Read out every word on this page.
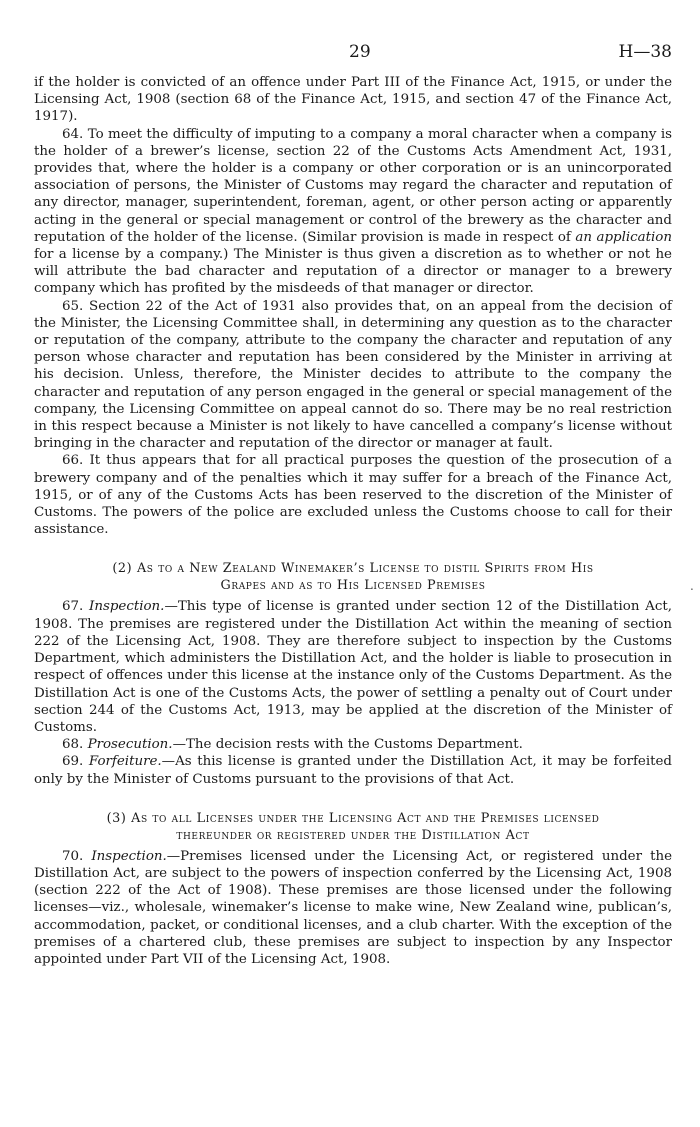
29	H—38

if the holder is convicted of an offence under Part III of the Finance Act, 1915, or under the Licensing Act, 1908 (section 68 of the Finance Act, 1915, and section 47 of the Finance Act, 1917).

64. To meet the difficulty of imputing to a company a moral character when a company is the holder of a brewer’s license, section 22 of the Customs Acts Amendment Act, 1931, provides that, where the holder is a company or other corporation or is an unincorporated association of persons, the Minister of Customs may regard the character and reputation of any director, manager, superintendent, foreman, agent, or other person acting or apparently acting in the general or special management or control of the brewery as the character and reputation of the holder of the license. (Similar provision is made in respect of an application for a license by a company.) The Minister is thus given a discretion as to whether or not he will attribute the bad character and reputation of a director or manager to a brewery company which has profited by the misdeeds of that manager or director.

65. Section 22 of the Act of 1931 also provides that, on an appeal from the decision of the Minister, the Licensing Committee shall, in determining any question as to the character or reputation of the company, attribute to the company the character and reputation of any person whose character and reputation has been considered by the Minister in arriving at his decision. Unless, therefore, the Minister decides to attribute to the company the character and reputation of any person engaged in the general or special management of the company, the Licensing Committee on appeal cannot do so. There may be no real restriction in this respect because a Minister is not likely to have cancelled a company’s license without bringing in the character and reputation of the director or manager at fault.

66. It thus appears that for all practical purposes the question of the prosecution of a brewery company and of the penalties which it may suffer for a breach of the Finance Act, 1915, or of any of the Customs Acts has been reserved to the discretion of the Minister of Customs. The powers of the police are excluded unless the Customs choose to call for their assistance.

(2) As to a New Zealand Winemaker’s License to distil Spirits from His
Grapes and as to His Licensed Premises

67. Inspection.—This type of license is granted under section 12 of the Distillation Act, 1908. The premises are registered under the Distillation Act within the meaning of section 222 of the Licensing Act, 1908. They are therefore subject to inspection by the Customs Department, which administers the Distillation Act, and the holder is liable to prosecution in respect of offences under this license at the instance only of the Customs Department. As the Distillation Act is one of the Customs Acts, the power of settling a penalty out of Court under section 244 of the Customs Act, 1913, may be applied at the discretion of the Minister of Customs.

68. Prosecution.—The decision rests with the Customs Department.

69. Forfeiture.—As this license is granted under the Distillation Act, it may be forfeited only by the Minister of Customs pursuant to the provisions of that Act.

(3) As to all Licenses under the Licensing Act and the Premises licensed
thereunder or registered under the Distillation Act

70. Inspection.—Premises licensed under the Licensing Act, or registered under the Distillation Act, are subject to the powers of inspection conferred by the Licensing Act, 1908 (section 222 of the Act of 1908). These premises are those licensed under the following licenses—viz., wholesale, winemaker’s license to make wine, New Zealand wine, publican’s, accommodation, packet, or conditional licenses, and a club charter. With the exception of the premises of a chartered club, these premises are subject to inspection by any Inspector appointed under Part VII of the Licensing Act, 1908.

.
